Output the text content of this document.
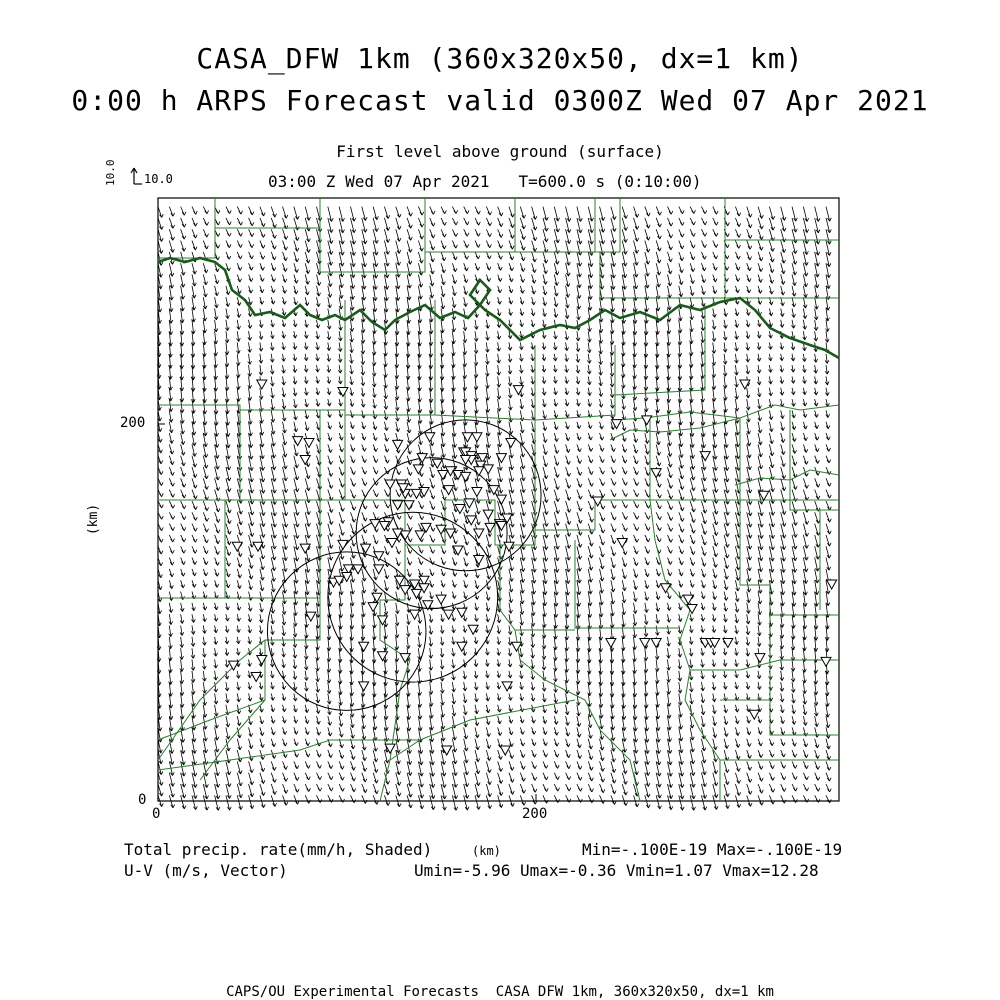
CASA_DFW 1km (360x320x50, dx=1 km)
0:00 h ARPS Forecast valid 0300Z Wed 07 Apr 2021
First level above ground (surface)
03:00 Z Wed 07 Apr 2021   T=600.0 s (0:10:00)
10.0
10.0
(km)
0	200
0
200
Total precip. rate(mm/h, Shaded)	(km)	Min=-.100E-19 Max=-.100E-19
U-V (m/s, Vector)	Umin=-5.96 Umax=-0.36 Vmin=1.07 Vmax=12.28
CAPS/OU Experimental Forecasts  CASA DFW 1km, 360x320x50, dx=1 km
